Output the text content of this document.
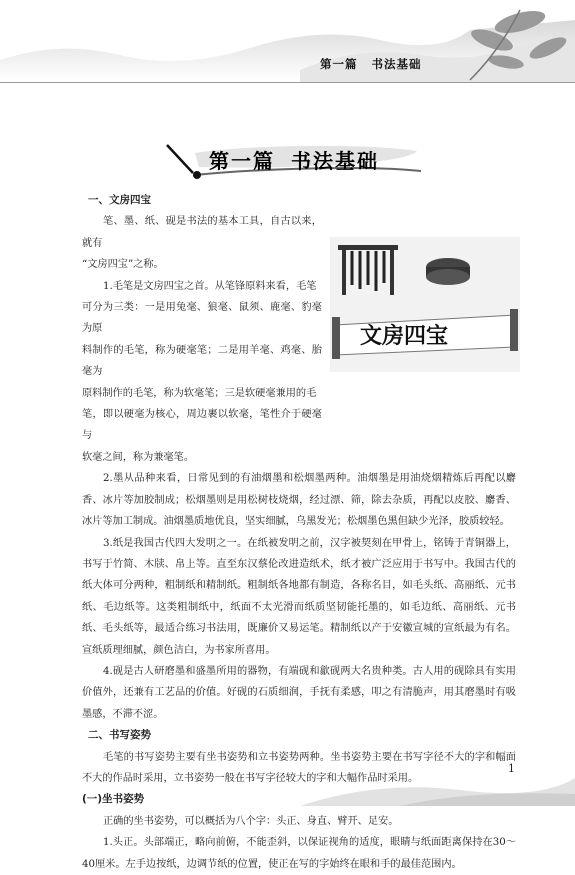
第一篇 书法基础
第一篇 书法基础
文房四宝

一、文房四宝

笔、墨、纸、砚是书法的基本工具，自古以来，就有

“文房四宝”之称。

1.毛笔是文房四宝之首。从笔锋原料来看，毛笔

可分为三类：一是用兔毫、狼毫、鼠须、鹿毫、豹毫为原

料制作的毛笔，称为硬毫笔；二是用羊毫、鸡毫、胎毫为

原料制作的毛笔，称为软毫笔；三是软硬毫兼用的毛

笔，即以硬毫为核心，周边裹以软毫，笔性介于硬毫与

软毫之间，称为兼毫笔。

2.墨从品种来看，日常见到的有油烟墨和松烟墨两种。油烟墨是用油烧烟精炼后再配以麝香、冰片等加胶制成；松烟墨则是用松树枝烧烟，经过漂、筛，除去杂质，再配以皮胶、麝香、冰片等加工制成。油烟墨质地优良，坚实细腻，乌黑发光；松烟墨色黑但缺少光泽，胶质较轻。

3.纸是我国古代四大发明之一。在纸被发明之前，汉字被契刻在甲骨上，铭铸于青铜器上，书写于竹简、木牍、帛上等。直至东汉蔡伦改进造纸术，纸才被广泛应用于书写中。我国古代的纸大体可分两种，粗制纸和精制纸。粗制纸各地都有制造，各称名目，如毛头纸、高丽纸、元书纸、毛边纸等。这类粗制纸中，纸面不太光滑而纸质坚韧能托墨的，如毛边纸、高丽纸、元书纸、毛头纸等，最适合练习书法用，既廉价又易运笔。精制纸以产于安徽宣城的宣纸最为有名。宣纸质理细腻，颜色洁白，为书家所喜用。

4.砚是古人研磨墨和盛墨所用的器物，有端砚和歙砚两大名贵种类。古人用的砚除具有实用价值外，还兼有工艺品的价值。好砚的石质细润，手抚有柔感，叩之有清脆声，用其磨墨时有吸墨感，不滞不涩。

二、书写姿势

毛笔的书写姿势主要有坐书姿势和立书姿势两种。坐书姿势主要在书写字径不大的字和幅面不大的作品时采用，立书姿势一般在书写字径较大的字和大幅作品时采用。

(一)坐书姿势

正确的坐书姿势，可以概括为八个字：头正、身直、臂开、足安。

1.头正。头部端正，略向前俯，不能歪斜，以保证视角的适度，眼睛与纸面距离保持在30～40厘米。左手边按纸，边调节纸的位置，使正在写的字始终在眼和手的最佳范围内。

1
